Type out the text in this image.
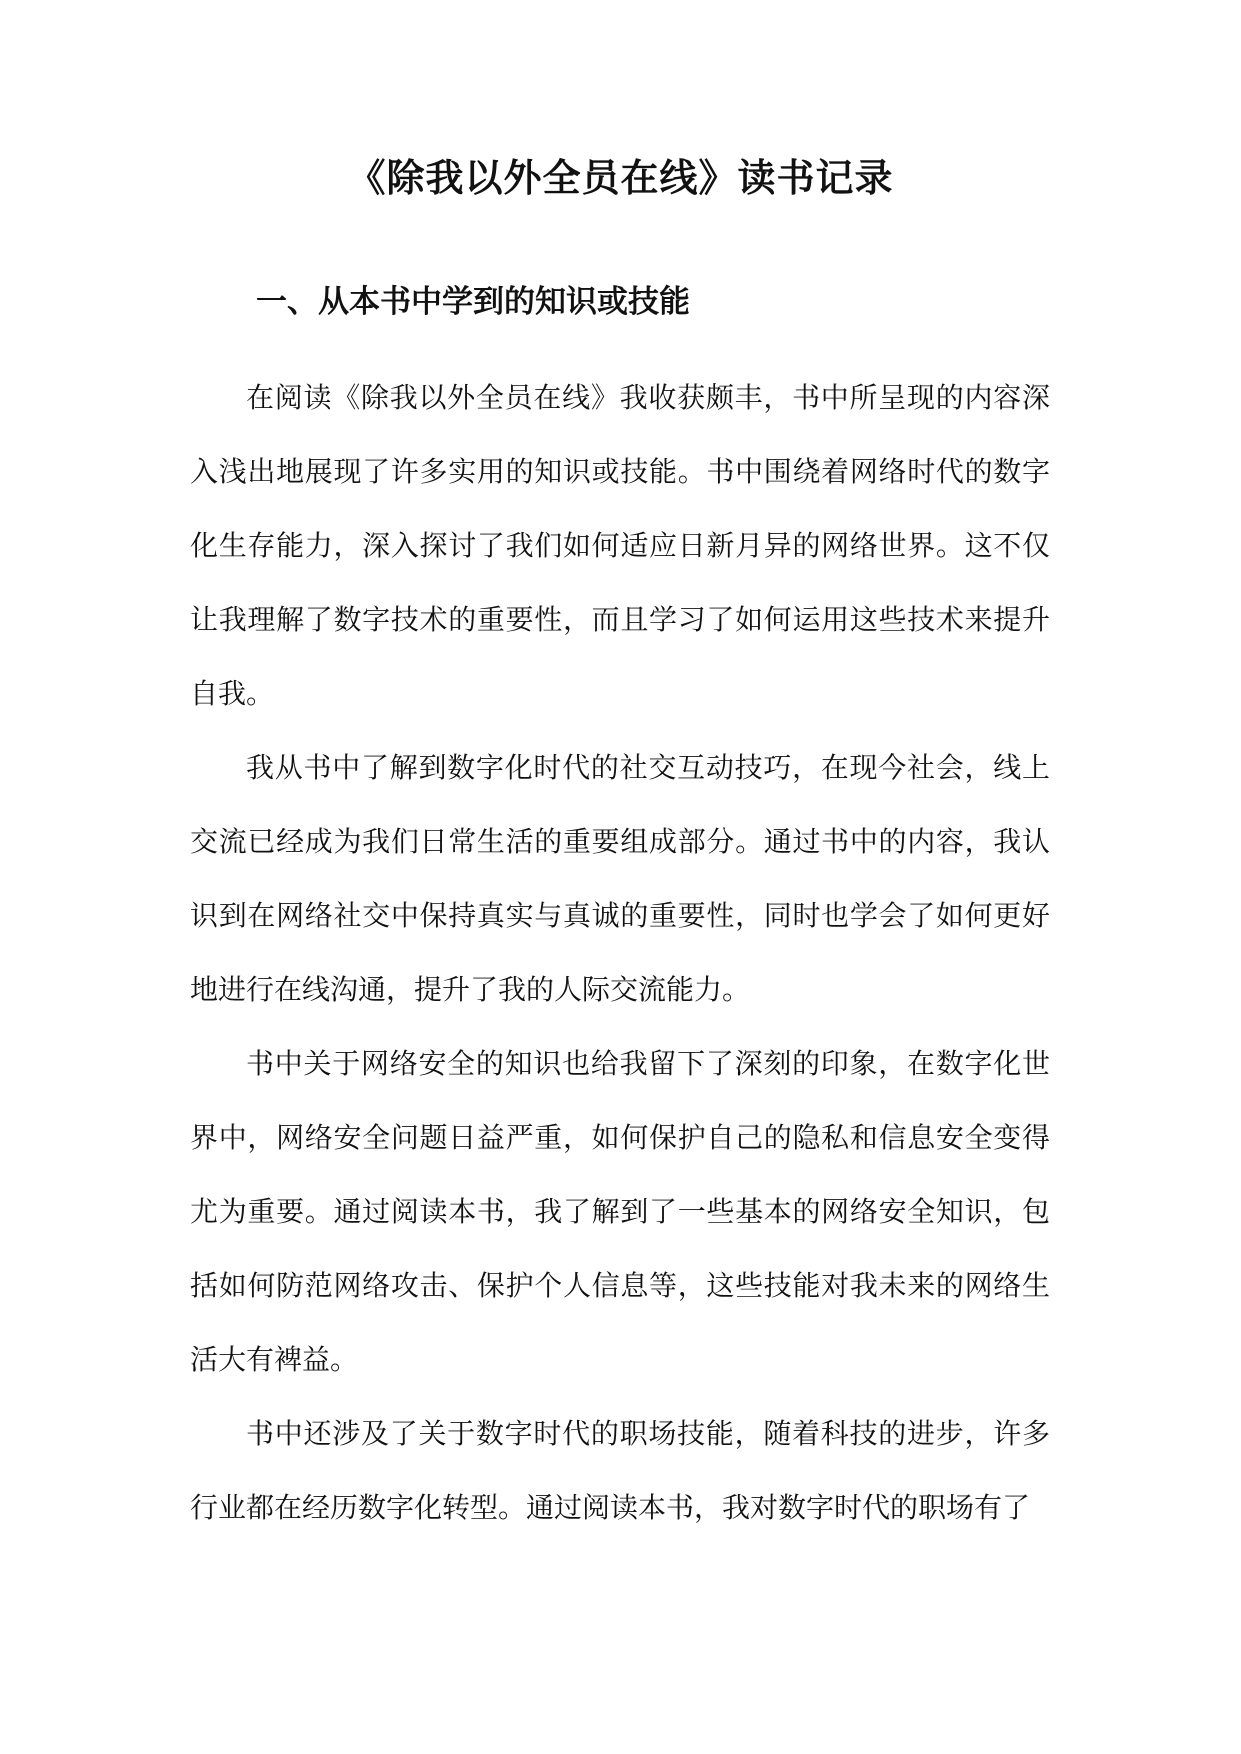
《除我以外全员在线》读书记录
一、从本书中学到的知识或技能

在阅读《除我以外全员在线》我收获颇丰，书中所呈现的内容深入浅出地展现了许多实用的知识或技能。书中围绕着网络时代的数字化生存能力，深入探讨了我们如何适应日新月异的网络世界。这不仅让我理解了数字技术的重要性，而且学习了如何运用这些技术来提升自我。

我从书中了解到数字化时代的社交互动技巧，在现今社会，线上交流已经成为我们日常生活的重要组成部分。通过书中的内容，我认识到在网络社交中保持真实与真诚的重要性，同时也学会了如何更好地进行在线沟通，提升了我的人际交流能力。

书中关于网络安全的知识也给我留下了深刻的印象，在数字化世界中，网络安全问题日益严重，如何保护自己的隐私和信息安全变得尤为重要。通过阅读本书，我了解到了一些基本的网络安全知识，包括如何防范网络攻击、保护个人信息等，这些技能对我未来的网络生活大有裨益。

书中还涉及了关于数字时代的职场技能，随着科技的进步，许多行业都在经历数字化转型。通过阅读本书，我对数字时代的职场有了
